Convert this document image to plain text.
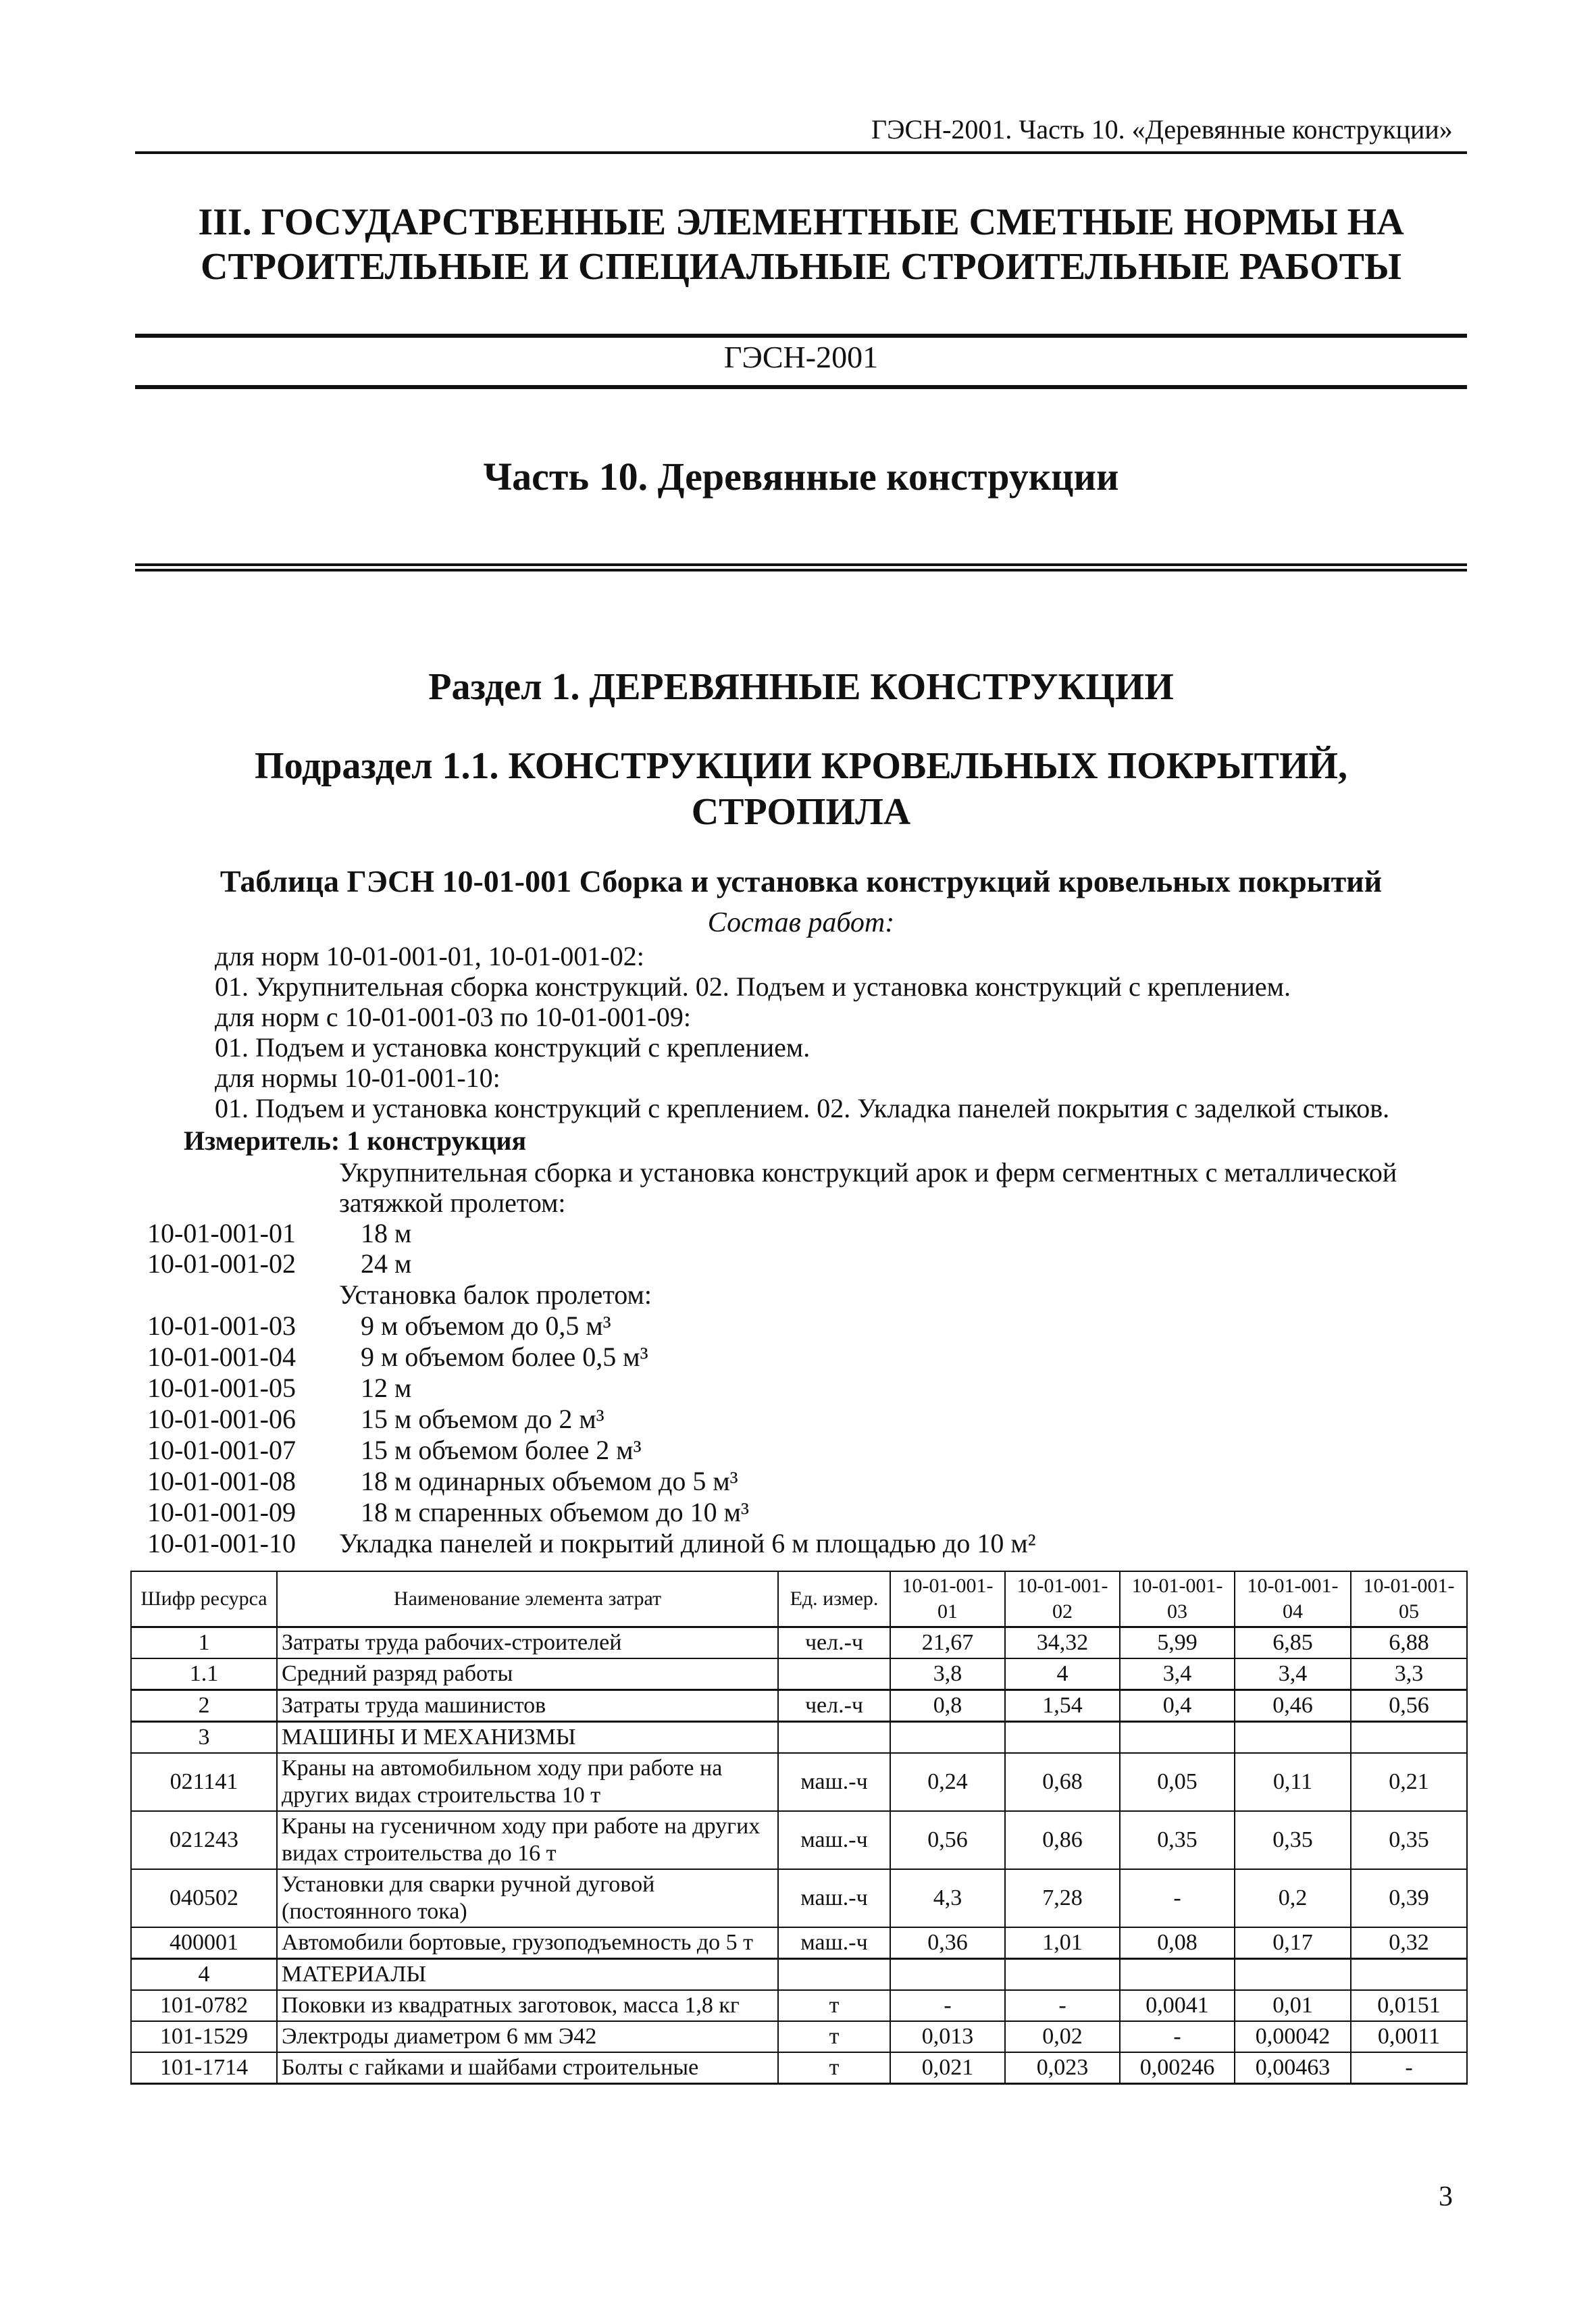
ГЭСН-2001. Часть 10. «Деревянные конструкции»
III. ГОСУДАРСТВЕННЫЕ ЭЛЕМЕНТНЫЕ СМЕТНЫЕ НОРМЫ НА
СТРОИТЕЛЬНЫЕ И СПЕЦИАЛЬНЫЕ СТРОИТЕЛЬНЫЕ РАБОТЫ
ГЭСН-2001
Часть 10. Деревянные конструкции
Раздел 1. ДЕРЕВЯННЫЕ КОНСТРУКЦИИ
Подраздел 1.1. КОНСТРУКЦИИ КРОВЕЛЬНЫХ ПОКРЫТИЙ,
СТРОПИЛА
Таблица ГЭСН 10-01-001 Сборка и установка конструкций кровельных покрытий
Состав работ:
для норм 10-01-001-01, 10-01-001-02:
01. Укрупнительная сборка конструкций. 02. Подъем и установка конструкций с креплением.
для норм с 10-01-001-03 по 10-01-001-09:
01. Подъем и установка конструкций с креплением.
для нормы 10-01-001-10:
01. Подъем и установка конструкций с креплением. 02. Укладка панелей покрытия с заделкой стыков.
Измеритель: 1 конструкция
Укрупнительная сборка и установка конструкций арок и ферм сегментных с металлической
затяжкой пролетом:
10-01-001-01 18 м
10-01-001-02 24 м
Установка балок пролетом:
10-01-001-03 9 м объемом до 0,5 м³
10-01-001-04 9 м объемом более 0,5 м³
10-01-001-05 12 м
10-01-001-06 15 м объемом до 2 м³
10-01-001-07 15 м объемом более 2 м³
10-01-001-08 18 м одинарных объемом до 5 м³
10-01-001-09 18 м спаренных объемом до 10 м³
10-01-001-10 Укладка панелей и покрытий длиной 6 м площадью до 10 м²
Шифр ресурса	Наименование элемента затрат	Ед. измер.	10-01-001-01	10-01-001-02	10-01-001-03	10-01-001-04	10-01-001-05
1	Затраты труда рабочих-строителей	чел.-ч	21,67	34,32	5,99	6,85	6,88
1.1	Средний разряд работы		3,8	4	3,4	3,4	3,3
2	Затраты труда машинистов	чел.-ч	0,8	1,54	0,4	0,46	0,56
3	МАШИНЫ И МЕХАНИЗМЫ						
021141	Краны на автомобильном ходу при работе на других видах строительства 10 т	маш.-ч	0,24	0,68	0,05	0,11	0,21
021243	Краны на гусеничном ходу при работе на других видах строительства до 16 т	маш.-ч	0,56	0,86	0,35	0,35	0,35
040502	Установки для сварки ручной дуговой (постоянного тока)	маш.-ч	4,3	7,28	-	0,2	0,39
400001	Автомобили бортовые, грузоподъемность до 5 т	маш.-ч	0,36	1,01	0,08	0,17	0,32
4	МАТЕРИАЛЫ						
101-0782	Поковки из квадратных заготовок, масса 1,8 кг	т	-	-	0,0041	0,01	0,0151
101-1529	Электроды диаметром 6 мм Э42	т	0,013	0,02	-	0,00042	0,0011
101-1714	Болты с гайками и шайбами строительные	т	0,021	0,023	0,00246	0,00463	-
3
